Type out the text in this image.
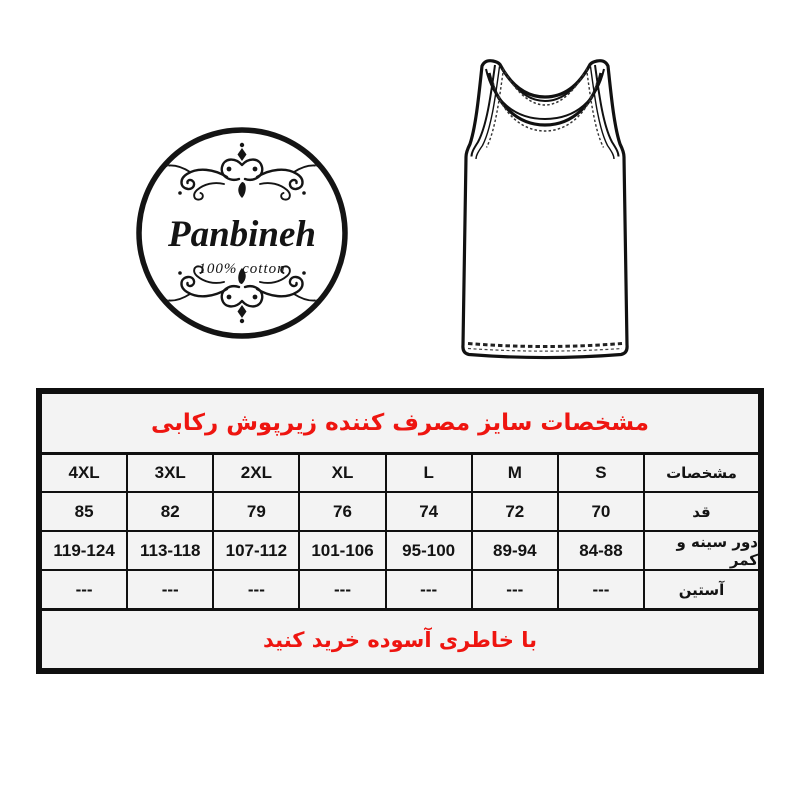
Panbineh
100% cotton
مشخصات سایز مصرف کننده زیرپوش رکابی
مشخصات
S
M
L
XL
2XL
3XL
4XL
قد
70
72
74
76
79
82
85
دور سینه و کمر
84-88
89-94
95-100
101-106
107-112
113-118
119-124
آستین
---
---
---
---
---
---
---
با خاطری آسوده خرید کنید
